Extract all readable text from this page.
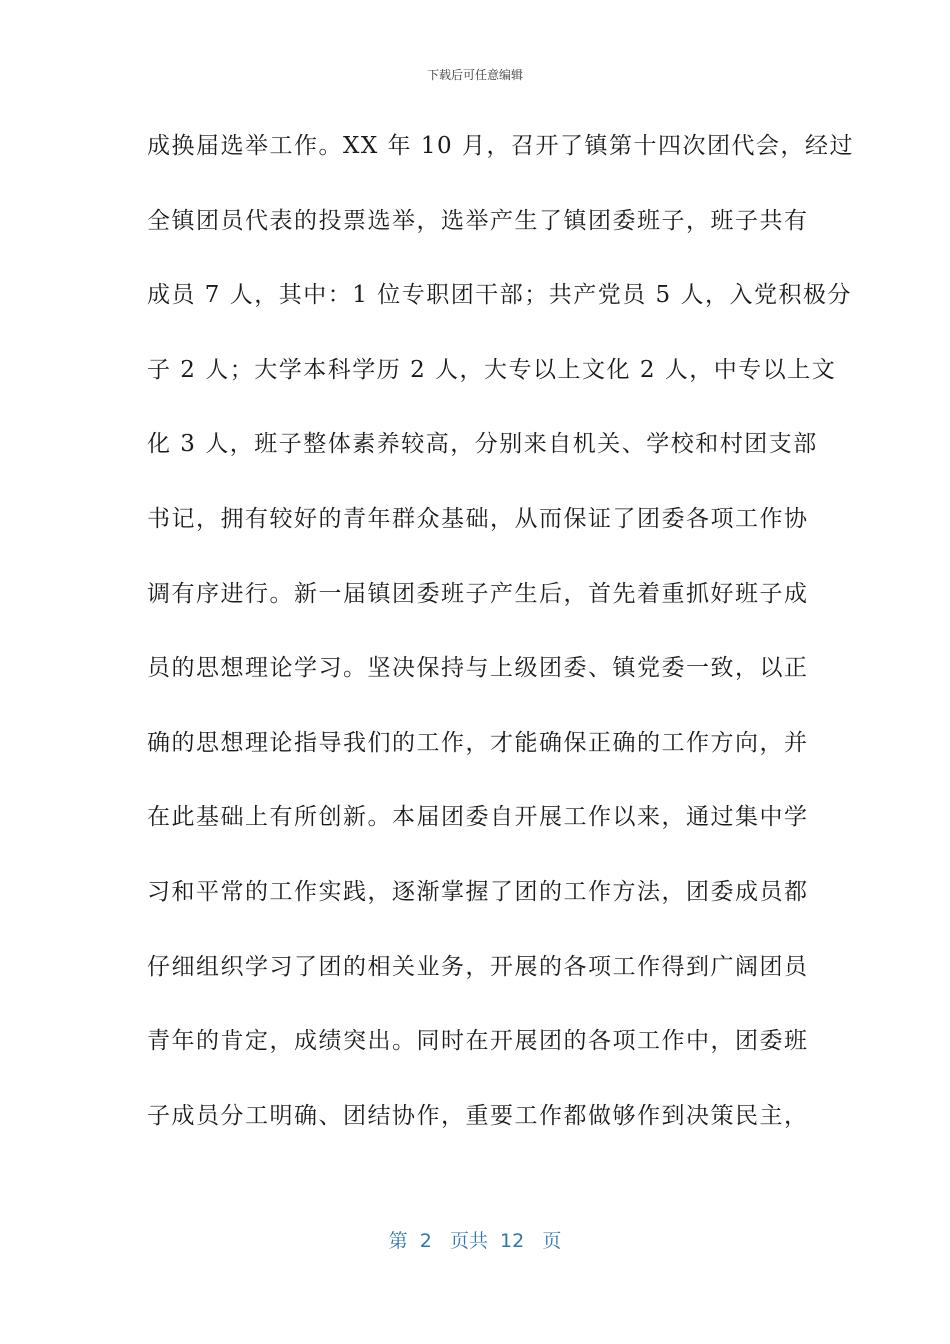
下载后可任意编辑
成换届选举工作。XX 年 10 月，召开了镇第十四次团代会，经过
全镇团员代表的投票选举，选举产生了镇团委班子，班子共有
成员 7 人，其中：1 位专职团干部；共产党员 5 人，入党积极分
子 2 人；大学本科学历 2 人，大专以上文化 2 人，中专以上文
化 3 人，班子整体素养较高，分别来自机关、学校和村团支部
书记，拥有较好的青年群众基础，从而保证了团委各项工作协
调有序进行。新一届镇团委班子产生后，首先着重抓好班子成
员的思想理论学习。坚决保持与上级团委、镇党委一致，以正
确的思想理论指导我们的工作，才能确保正确的工作方向，并
在此基础上有所创新。本届团委自开展工作以来，通过集中学
习和平常的工作实践，逐渐掌握了团的工作方法，团委成员都
仔细组织学习了团的相关业务，开展的各项工作得到广阔团员
青年的肯定，成绩突出。同时在开展团的各项工作中，团委班
子成员分工明确、团结协作，重要工作都做够作到决策民主，
第  2   页共  12   页
